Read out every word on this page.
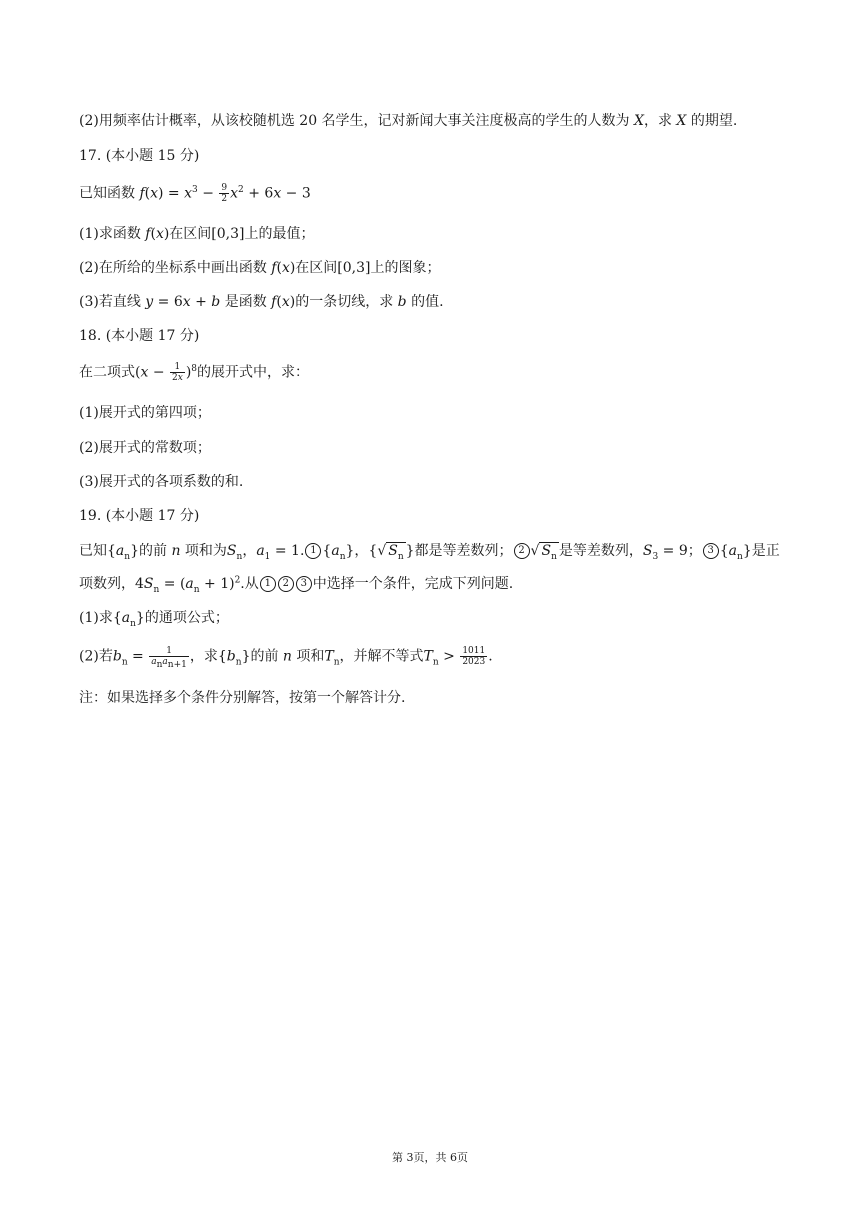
(2)用频率估计概率，从该校随机选 20 名学生，记对新闻大事关注度极高的学生的人数为 X，求 X 的期望.
17. (本小题 15 分)
已知函数 $f(x) = x^3 - \frac{9}{2} x^2 + 6x - 3$
(1)求函数 f(x)在区间[0,3]上的最值；
(2)在所给的坐标系中画出函数 f(x)在区间[0,3]上的图象；
(3)若直线 y = 6x + b 是函数 f(x)的一条切线，求 b 的值.
18. (本小题 17 分)
在二项式$(x - \frac{1}{2x} )^8$的展开式中，求：
(1)展开式的第四项；
(2)展开式的常数项；
(3)展开式的各项系数的和.
19. (本小题 17 分)
已知$\{a_n\}$的前 n 项和为$S_n$，$a_1 = 1$. 1 $\{a_n\}$，{√ $S_n$ }都是等差数列； 2 √ $S_n$ 是等差数列，$S_3 = 9$； 3 $\{a_n\}$是正
项数列，$4S_n = (a_n + 1)^2$.从 1 2 3 中选择一个条件，完成下列问题.
(1)求$\{a_n\}$的通项公式；
(2)若$b_n = \frac{1}{a_na_{n+1}}$ ，求$\{b_n\}$的前 n 项和$T_n$，并解不等式$T_n > \frac{1011}{2023}$ .
注：如果选择多个条件分别解答，按第一个解答计分.
第 3页，共 6页
